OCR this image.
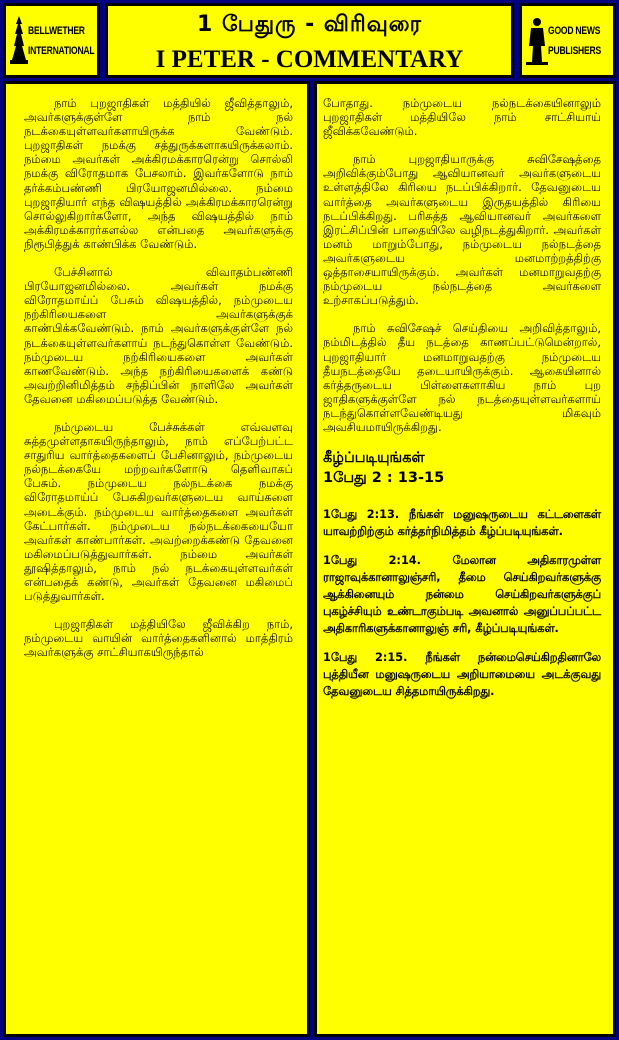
BELLWETHER
INTERNATIONAL
1 பேதுரு - விரிவுரை
I PETER - COMMENTARY
GOOD NEWS
PUBLISHERS

நாம் புறஜாதிகள் மத்தியில் ஜீவித்தாலும், அவர்களுக்குள்ளே நாம் நல் நடக்கையுள்ளவர்களாயிருக்க வேண்டும். புறஜாதிகள் நமக்கு சத்துருக்களாகயிருக்கலாம். நம்மை அவர்கள் அக்கிரமக்காரரென்று சொல்லி நமக்கு விரோதமாக பேசலாம். இவர்களோடு நாம் தர்க்கம்பண்ணி பிரயோஜனமில்லை. நம்மை புறஜாதியார் எந்த விஷயத்தில் அக்கிரமக்காரரென்று சொல்லுகிறார்களோ, அந்த விஷயத்தில் நாம் அக்கிரமக்காரர்களல்ல என்பதை அவர்களுக்கு நிரூபித்துக் காண்பிக்க வேண்டும்.

பேச்சினால் விவாதம்பண்ணி பிரயோஜனமில்லை. அவர்கள் நமக்கு விரோதமாய்ப் பேசும் விஷயத்தில், நம்முடைய நற்கிரியைகளை அவர்களுக்குக் காண்பிக்கவேண்டும். நாம் அவர்களுக்குள்ளே நல் நடக்கையுள்ளவர்களாய் நடந்துகொள்ள வேண்டும். நம்முடைய நற்கிரியைகளை அவர்கள் காணவேண்டும். அந்த நற்கிரியைகளைக் கண்டு அவற்றினிமித்தம் சந்திப்பின் நாளிலே அவர்கள் தேவனை மகிமைப்படுத்த வேண்டும்.

நம்முடைய பேச்சுக்கள் எவ்வளவு சுத்தமுள்ளதாகயிருந்தாலும், நாம் எப்பேற்பட்ட சாதுரிய வார்த்தைகளைப் பேசினாலும், நம்முடைய நல்நடக்கையே மற்றவர்களோடு தெளிவாகப் பேசும். நம்முடைய நல்நடக்கை நமக்கு விரோதமாய்ப் பேசுகிறவர்களுடைய வாய்களை அடைக்கும். நம்முடைய வார்த்தைகளை அவர்கள் கேட்பார்கள். நம்முடைய நல்நடக்கையையோ அவர்கள் காண்பார்கள். அவற்றைக்கண்டு தேவனை மகிமைப்படுத்துவார்கள். நம்மை அவர்கள் தூஷித்தாலும், நாம் நல் நடக்கையுள்ளவர்கள் என்பதைக் கண்டு, அவர்கள் தேவனை மகிமைப் படுத்துவார்கள்.

புறஜாதிகள் மத்தியிலே ஜீவிக்கிற நாம், நம்முடைய வாயின் வார்த்தைகளினால் மாத்திரம் அவர்களுக்கு சாட்சியாகயிருந்தால்

போதாது. நம்முடைய நல்நடக்கையினாலும் புறஜாதிகள் மத்தியிலே நாம் சாட்சியாய் ஜீவிக்கவேண்டும்.

நாம் புறஜாதியாருக்கு சுவிசேஷத்தை அறிவிக்கும்போது ஆவியானவர் அவர்களுடைய உள்ளத்திலே கிரியை நடப்பிக்கிறார். தேவனுடைய வார்த்தை அவர்களுடைய இருதயத்தில் கிரியை நடப்பிக்கிறது. பரிசுத்த ஆவியானவர் அவர்களை இரட்சிப்பின் பாதையிலே வழிநடத்துகிறார். அவர்கள் மனம் மாறும்போது, நம்முடைய நல்நடத்தை அவர்களுடைய மனமாற்றத்திற்கு ஒத்தாசையாயிருக்கும். அவர்கள் மனமாறுவதற்கு நம்முடைய நல்நடத்தை அவர்களை உற்சாகப்படுத்தும்.

நாம் சுவிசேஷச் செய்தியை அறிவித்தாலும், நம்மிடத்தில் தீய நடத்தை காணப்பட்டுமென்றால், புறஜாதியார் மனமாறுவதற்கு நம்முடைய தீயநடத்தையே தடையாயிருக்கும். ஆகையினால் கர்த்தருடைய பிள்ளைகளாகிய நாம் புற ஜாதிகளுக்குள்ளே நல் நடத்தையுள்ளவர்களாய் நடந்துகொள்ளவேண்டியது மிகவும் அவசியமாயிருக்கிறது.

கீழ்ப்படியுங்கள்
1பேது 2 : 13-15

1பேது 2:13. நீங்கள் மனுஷருடைய கட்டளைகள் யாவற்றிற்கும் கர்த்தர்நிமித்தம் கீழ்ப்படியுங்கள்.

1பேது 2:14. மேலான அதிகாரமுள்ள ராஜாவுக்கானாலுஞ்சரி, தீமை செய்கிறவர்களுக்கு ஆக்கினையும் நன்மை செய்கிறவர்களுக்குப் புகழ்ச்சியும் உண்டாகும்படி அவனால் அனுப்பப்பட்ட அதிகாரிகளுக்கானாலுஞ் சரி, கீழ்ப்படியுங்கள்.

1பேது 2:15. நீங்கள் நன்மைசெய்கிறதினாலே புத்தியீன மனுஷருடைய அறியாமையை அடக்குவது தேவனுடைய சித்தமாயிருக்கிறது.
